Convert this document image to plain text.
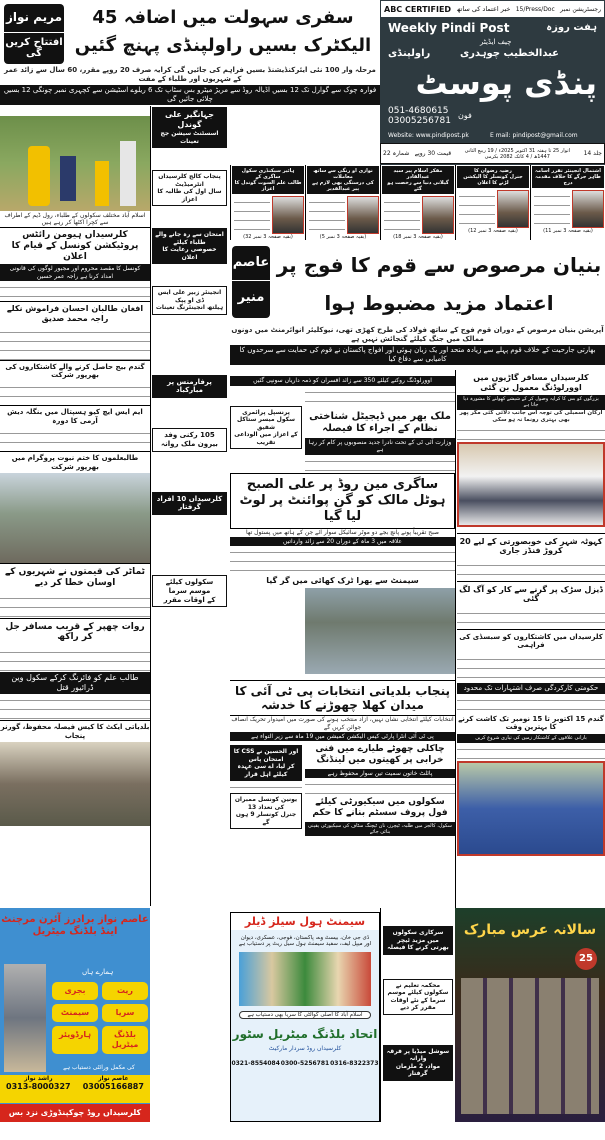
ABC CERTIFIED خبر اعتماد کی ساتھ 15/Press/Doc رجسٹریشن نمبر
Weekly Pindi Post	ہفت روزہ
چیف ایڈیٹر
عبدالخطیب چوہدری
راولپنڈی
پنڈی پوسٹ
051-4680615
03005256781
فون
Website: www.pindipost.pk	E mail: pindipost@gmail.com
جلد 14
اتوار 25 تا ہفتہ 31 اکتوبر 2025ء / 19 ربیع الثانی 1447ھ / 4 کاتک 2082 بکرمی
قیمت 30 روپے
شمارہ 22
مریم نواز
افتتاح کریں گی
سفری سہولت میں اضافہ 45 الیکٹرک بسیں راولپنڈی پہنچ گئیں
مرحلہ وار 100 نئی ایئرکنڈیشنڈ بسیں فراہم کی جائیں گی کرایہ صرف 20 روپے مقرر، 60 سال سے زائد عمر کے شہریوں اور طلباء کے مفت
فوارہ چوک سے گوارل تک 12 بسیں اڈیالہ روڈ سے مریڑ میٹرو بس سٹاپ تک 6 ریلوے اسٹیشن سے کچہری نمبر چونگی 12 بسیں چلائی جائیں گی
اسلام آباد مختلف سکولوں کے طلباء، رول ڈیم کے اطراف سے کچرا اکٹھا کر رہے ہیں
کلرسیداں ہیومن رائٹس پروٹیکشن کونسل کے قیام کا اعلان
کونسل کا مقصد محروم اور مجبور لوگوں کی قانونی امداد کرنا ہے راجہ عمر حسین
افغان طالبان احسان فراموش نکلے راجہ محمد صدیق
گندم بیج حاصل کرنے والے کاشتکاروں کی بھرپور شرکت
ایم ایس ایچ کیو ہسپتال میں بنگلہ دیش آرمی کا دورہ
طالبعلموں کا ختم نبوت پروگرام میں بھرپور شرکت
ٹماٹر کی قیمتوں نے شہریوں کے اوسان خطا کر دیے
روات چھپر کے قریب مسافر جل کر راکھ
طالب علم کو فائرنگ کرکے سکول وین ڈرائیور قتل
بلدیاتی ایکٹ کا کیس فیصلہ محفوظ، گورنر پنجاب
جہانگیر علی گوندل
اسسٹنٹ سیشن جج تعینات
پنجاب کالج کلرسیداں انٹرمیڈیٹ
سال اول کی طالبہ کا اعزاز
امتحان سے رہ جانے والے طلباء کیلئے
خصوصی رعایت کا اعلان
انجینئر زبیر علی ایس ڈی او پیک
ہیلتھ انجینئرنگ تعینات
پرفارمنس پر مبارکباد
105 رکنی وفد
بیرون ملک روانہ
کلرسیداں 10 افراد
گرفتار
سکولوں کیلئے موسم سرما
کے اوقات مقرر
اشتمال انجینئر تقرر اسامہ
طاہر جرگے کا خلاف مقدمہ درج
(بقیہ صفحہ 3 نمبر 11)
رضیہ رضوان کا
جنرل کونسلر کا الیکشن لڑنے کا اعلان
(بقیہ صفحہ 3 نمبر 12)
مفکر اسلام پیر سید عبدالقادر
گیلانی دنیا سے رخصت ہو گئے
(بقیہ صفحہ 3 نمبر 18)
نوازی او رنگی سے ساتھ معاملات
کی درستگی بھی لازم ہے پیر عبدالقدیر
(بقیہ صفحہ 3 نمبر 5)
ہائیر سیکنڈری سکول ساگری کے
طالب علم السوت گوندل کا اعزاز
(بقیہ صفحہ 3 نمبر 32)
عاصم
منیر
بنیان مرصوص سے قوم کا فوج پر اعتماد مزید مضبوط ہوا
آپریشن بنیان مرصوص کے دوران قوم فوج کے ساتھ فولاد کی طرح کھڑی تھی، نیوکلیئر انوائرمنٹ میں دونوں ممالک میں جنگ کیلئے گنجائش نہیں ہے
بھارتی جارحیت کے خلاف قوم پہلے سے زیادہ متحد اور یک زبان ہوئی اور افواج پاکستان نے قوم کی حمایت سے سرحدوں کا کامیابی سے دفاع کیا
اوورلوڈنگ روکنے کیلئے 350 سے زائد افسران کو ذمہ داریاں سونپی گئیں
ملک بھر میں ڈیجیٹل شناختی نظام کے اجراء کا فیصلہ
وزارت آئی ٹی کے تحت نادرا جدید منصوبوں پر کام کر رہا ہے
پرنسپل پرائمری سکول میسر ستاکل شفیق
کے اعزاز میں الوداعی تقریب
ساگری مین روڈ پر علی الصبح ہوٹل مالک کو گن پوائنٹ پر لوٹ لیا گیا
صبح تقریباً پونے پانچ بجے دو موٹر سائیکل سوار آئے جن کے ہاتھ میں پستول تھا
علاقہ میں 3 ماہ کے دوران 20 سے زائد وارداتیں
سیمنٹ سے بھرا ٹرک کھائی میں گر گیا
پنجاب بلدیاتی انتخابات پی ٹی آئی کا میدان کھلا چھوڑنے کا خدشہ
انتخابات کیلئے انتخابی نشان نہیں، آزاد منتخب ہونے کی صورت میں امیدوار تحریک انصاف جوائن کریں گے
پی ٹی آئی انٹرا پارٹی کیس الیکشن کمیشن میں 19 ماہ سے زیر التواء ہے
چاکلی چھوٹے طیارے میں فنی خرابی پر کھیتوں میں لینڈنگ
پائلٹ خاتون سمیت تین سوار محفوظ رہے
سکولوں میں سیکیورٹی کیلئے فول پروف سسٹم بنانے کا حکم
سکول، کالجز میں طلبہ، ٹیچرز، نان ٹیچنگ سٹاف کی سیکیورٹی یقینی بنائی جائے
اور الحسین نے CSS کا امتحان پاس
کر لیا، اے سی عہدہ کیلئے اہل قرار
یونین کونسل ممبران کی تعداد 13
جنرل کونسلر 9 ہوں گے
کلرسیداں مسافر گاڑیوں میں اوورلوڈنگ معمول بن گئی
بزرگوں کو بس کا کرایہ وصول کر کے شیشے کھولنے کا مشورہ دیا جاتا ہے
ارکان اسمبلی کی توجہ اس جانب دلائی گئی مگر پھر بھی بہتری رونما نہ ہو سکی
کہوٹہ شہر کی خوبصورتی کے لیے 20 کروڑ فنڈز جاری
ڈیزل سڑک پر گرنے سے کار کو آگ لگ گئی
کلرسیداں میں کاشتکاروں کو سبسڈی کی فراہمی
حکومتی کارکردگی صرف اشتہارات تک محدود
گندم 15 اکتوبر تا 15 نومبر تک کاشت کرنے کا بہترین وقت
بارانی علاقوں کے کاشتکار زمین کی تیاری شروع کریں
عاصم نواز برادرز آئرن مرچنٹ
اینڈ بلڈنگ میٹریل
ہمارے ہاں
ریت
بجری
سریا
سیمنٹ
بلڈنگ میٹریل
ہارڈویئر
کی مکمل ورائٹی دستیاب ہے
راشد نواز
0313-8000327
عاصم نواز
03005166887
کلرسیداں روڈ چوکپنڈوڑی نزد بس سٹاپ
سیمنٹ ہول سیلز ڈیلر
ڈی جی خان، بیسٹ وے، پاکستان، فوجی، عسکری، دیوان
اور میپل لیف، سفید سیمنٹ ہول سیل ریٹ پر دستیاب ہے
اسلام آباد کا اصلی کوالٹی کا سریا بھی دستیاب ہے
اتحاد بلڈنگ میٹریل سٹور
کلرسیداں روڈ سردار مارکیٹ
0321-8554084 0300-5256781 0316-8322373
سرکاری سکولوں میں مزید ٹیچر
بھرتی کرنے کا فیصلہ
محکمہ تعلیم نے سکولوں کیلئے موسم
سرما کے نئے اوقات مقرر کر دیے
سوشل میڈیا پر فرقہ وارانہ
مواد، 2 ملزمان گرفتار
سالانہ عرس مبارک
25
